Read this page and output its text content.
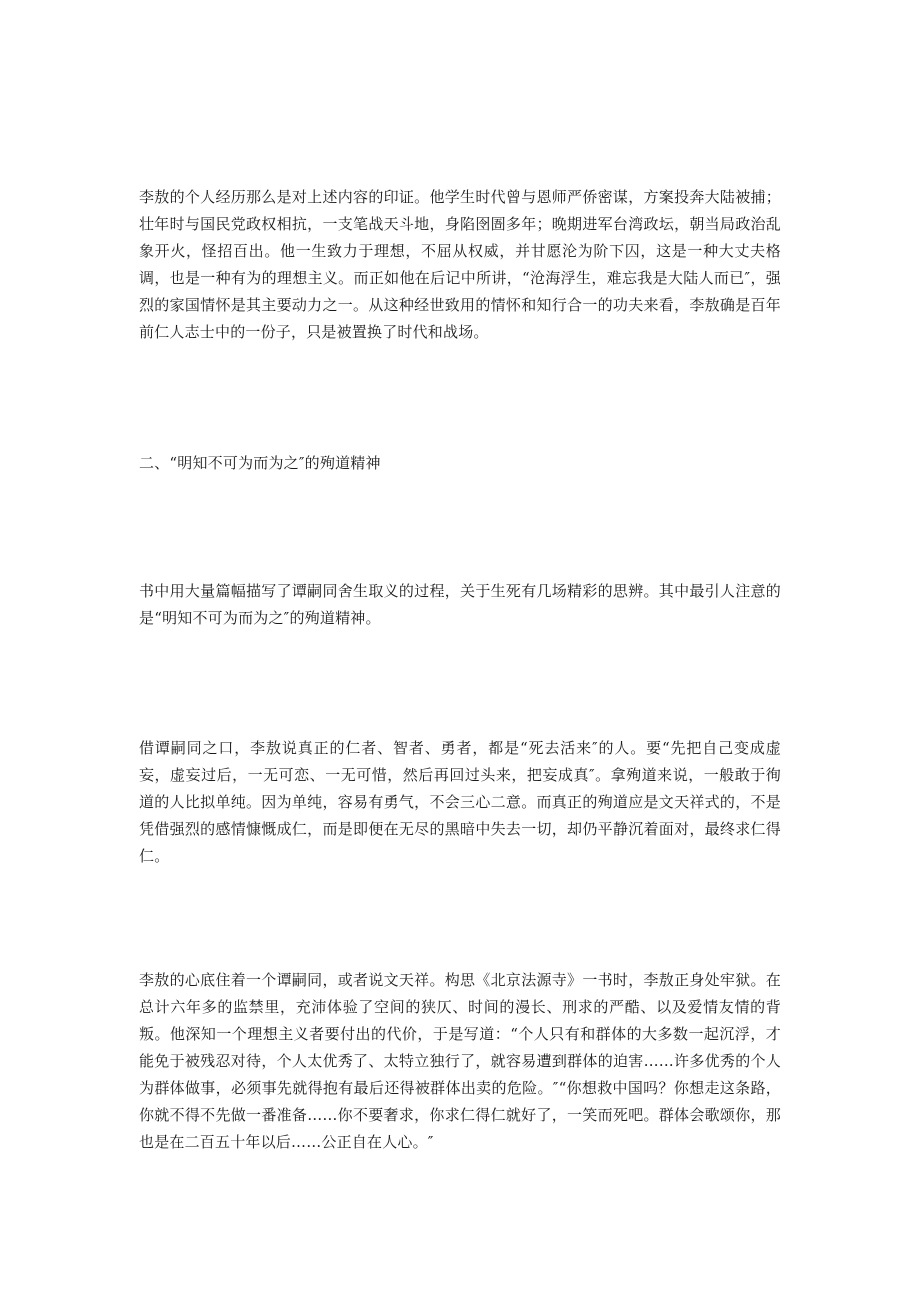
李敖的个人经历那么是对上述内容的印证。他学生时代曾与恩师严侨密谋，方案投奔大陆被捕；壮年时与国民党政权相抗，一支笔战天斗地，身陷囹圄多年；晚期进军台湾政坛，朝当局政治乱象开火，怪招百出。他一生致力于理想，不屈从权威，并甘愿沦为阶下囚，这是一种大丈夫格调，也是一种有为的理想主义。而正如他在后记中所讲，“沧海浮生，难忘我是大陆人而已″，强烈的家国情怀是其主要动力之一。从这种经世致用的情怀和知行合一的功夫来看，李敖确是百年前仁人志士中的一份子，只是被置换了时代和战场。

二、“明知不可为而为之″的殉道精神

书中用大量篇幅描写了谭嗣同舍生取义的过程，关于生死有几场精彩的思辨。其中最引人注意的是“明知不可为而为之″的殉道精神。

借谭嗣同之口，李敖说真正的仁者、智者、勇者，都是“死去活来″的人。要“先把自己变成虚妄，虚妄过后，一无可恋、一无可惜，然后再回过头来，把妄成真″。拿殉道来说，一般敢于徇道的人比拟单纯。因为单纯，容易有勇气，不会三心二意。而真正的殉道应是文天祥式的，不是凭借强烈的感情慷慨成仁，而是即便在无尽的黑暗中失去一切，却仍平静沉着面对，最终求仁得仁。

李敖的心底住着一个谭嗣同，或者说文天祥。构思《北京法源寺》一书时，李敖正身处牢狱。在总计六年多的监禁里，充沛体验了空间的狭仄、时间的漫长、刑求的严酷、以及爱情友情的背叛。他深知一个理想主义者要付出的代价，于是写道：“个人只有和群体的大多数一起沉浮，才能免于被残忍对待，个人太优秀了、太特立独行了，就容易遭到群体的迫害……许多优秀的个人为群体做事，必须事先就得抱有最后还得被群体出卖的危险。″“你想救中国吗？你想走这条路，你就不得不先做一番准备……你不要奢求，你求仁得仁就好了，一笑而死吧。群体会歌颂你，那也是在二百五十年以后……公正自在人心。″
